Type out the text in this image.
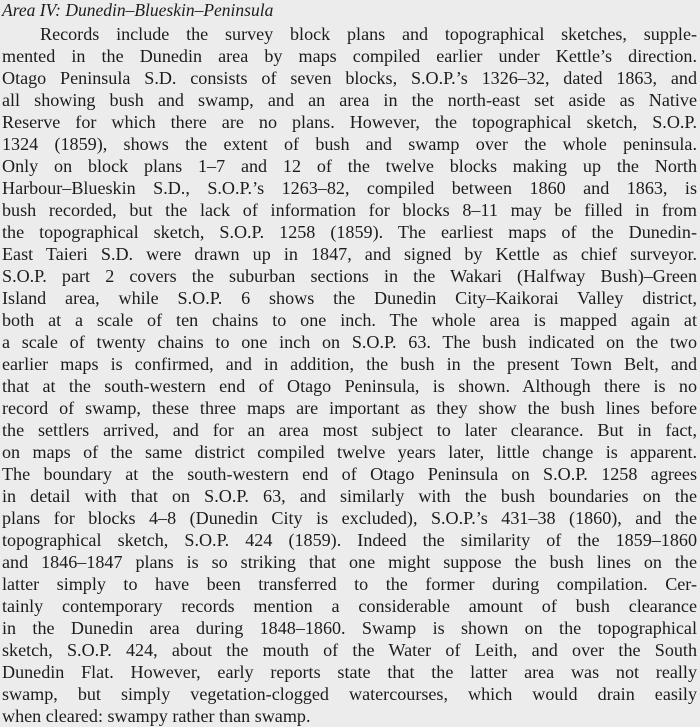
Area IV: Dunedin–Blueskin–Peninsula
Records include the survey block plans and topographical sketches, supple-
mented in the Dunedin area by maps compiled earlier under Kettle’s direction.
Otago Peninsula S.D. consists of seven blocks, S.O.P.’s 1326–32, dated 1863, and
all showing bush and swamp, and an area in the north-east set aside as Native
Reserve for which there are no plans. However, the topographical sketch, S.O.P.
1324 (1859), shows the extent of bush and swamp over the whole peninsula.
Only on block plans 1–7 and 12 of the twelve blocks making up the North
Harbour–Blueskin S.D., S.O.P.’s 1263–82, compiled between 1860 and 1863, is
bush recorded, but the lack of information for blocks 8–11 may be filled in from
the topographical sketch, S.O.P. 1258 (1859). The earliest maps of the Dunedin-
East Taieri S.D. were drawn up in 1847, and signed by Kettle as chief surveyor.
S.O.P. part 2 covers the suburban sections in the Wakari (Halfway Bush)–Green
Island area, while S.O.P. 6 shows the Dunedin City–Kaikorai Valley district,
both at a scale of ten chains to one inch. The whole area is mapped again at
a scale of twenty chains to one inch on S.O.P. 63. The bush indicated on the two
earlier maps is confirmed, and in addition, the bush in the present Town Belt, and
that at the south-western end of Otago Peninsula, is shown. Although there is no
record of swamp, these three maps are important as they show the bush lines before
the settlers arrived, and for an area most subject to later clearance. But in fact,
on maps of the same district compiled twelve years later, little change is apparent.
The boundary at the south-western end of Otago Peninsula on S.O.P. 1258 agrees
in detail with that on S.O.P. 63, and similarly with the bush boundaries on the
plans for blocks 4–8 (Dunedin City is excluded), S.O.P.’s 431–38 (1860), and the
topographical sketch, S.O.P. 424 (1859). Indeed the similarity of the 1859–1860
and 1846–1847 plans is so striking that one might suppose the bush lines on the
latter simply to have been transferred to the former during compilation. Cer-
tainly contemporary records mention a considerable amount of bush clearance
in the Dunedin area during 1848–1860. Swamp is shown on the topographical
sketch, S.O.P. 424, about the mouth of the Water of Leith, and over the South
Dunedin Flat. However, early reports state that the latter area was not really
swamp, but simply vegetation-clogged watercourses, which would drain easily
when cleared: swampy rather than swamp.
